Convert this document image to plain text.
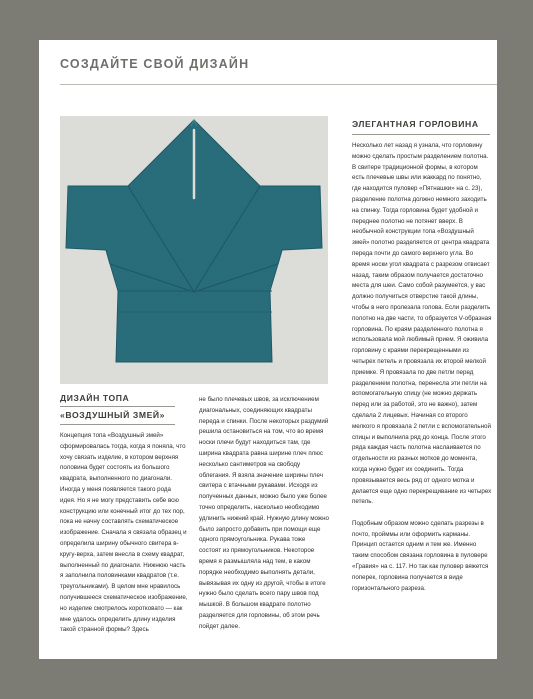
СОЗДАЙТЕ СВОЙ ДИЗАЙН
ЭЛЕГАНТНАЯ ГОРЛОВИНА

Несколько лет назад я узнала, что горловину можно сделать простым разделением полотна. В свитере традиционной формы, в котором есть плечевые швы или жаккард по понятно, где находится пуловер «Пятнашки» на с. 23), разделение полотна должно немного заходить на спинку. Тогда горловина будет удобной и переднее полотно не потянет вверх. В необычной конструкции топа «Воздушный змей» полотно разделяется от центра квадрата переда почти до самого верхнего угла. Во время носки угол квадрата с разрезом отвисает назад, таким образом получается достаточно места для шеи. Само собой разумеется, у вас должно получиться отверстие такой длины, чтобы в него пролезала голова. Если разделить полотно на две части, то образуется V-образная горловина. По краям разделенного полотна я использовала мой любимый прием. Я оживила горловину с краями перекрещенными из четырех петель и провязала их второй мелкой приемке. Я провязала по две петли перед разделением полотна, перенесла эти петли на вспомогательную спицу (не можно держать перед или за работой, это не важно), затем сделала 2 лицевых. Начиная со второго мелкого я провязала 2 петли с вспомогательной спицы и выполнила ряд до конца. После этого ряда каждая часть полотна наслаивается по отдельности из разных мотков до момента, когда нужно будет их соединить. Тогда провязывается весь ряд от одного мотка и делается еще одно перекрещивание из четырех петель.

Подобным образом можно сделать разрезы в почто, пройммы или оформить карманы. Принцип остается одним и тем же. Именно таким способом связана горловина в пуловере «Гравия» на с. 117. Но так как пуловер вяжется поперек, горловина получается в виде горизонтального разреза.

ДИЗАЙН ТОПА
«ВОЗДУШНЫЙ ЗМЕЙ»

Концепция топа «Воздушный змей» сформировалась тогда, когда я поняла, что хочу связать изделие, в котором верхняя половина будет состоять из большого квадрата, выполненного по диагонали. Иногда у меня появляется такого рода идея. Но я не могу представить себе всю конструкцию или конечный итог до тех пор, пока не начну составлять схематическое изображение. Сначала я связала образец и определила ширину обычного свитера в-кругу-верха, затем внесла в схему квадрат, выполненный по диагонали. Нижнюю часть я заполнила половинками квадратов (т.е. треугольниками). В целом мне нравилось получившееся схематическое изображение, но изделие смотрелось коротковато — как мне удалось определить длину изделия такой странной формы? Здесь

не было плечевых швов, за исключением диагональных, соединяющих квадраты переда и спинки. После некоторых раздумий решила остановиться на том, что во время носки плечи будут находиться там, где ширина квадрата равна ширине плеч плюс несколько сантиметров на свободу облегания. Я взяла значение ширины плеч свитера с втачными рукавами. Исходя из полученных данных, можно было уже более точно определить, насколько необходимо удлинить нижний край. Нужную длину можно было запросто добавить при помощи еще одного прямоугольника. Рукава тоже состоят из прямоугольников. Некоторое время я размышляла над тем, в каком порядке необходимо выполнять детали, вывязывая их одну из другой, чтобы в итоге нужно было сделать всего пару швов под мышкой. В большом квадрате полотно разделяется для горловины, об этом речь пойдет далее.
